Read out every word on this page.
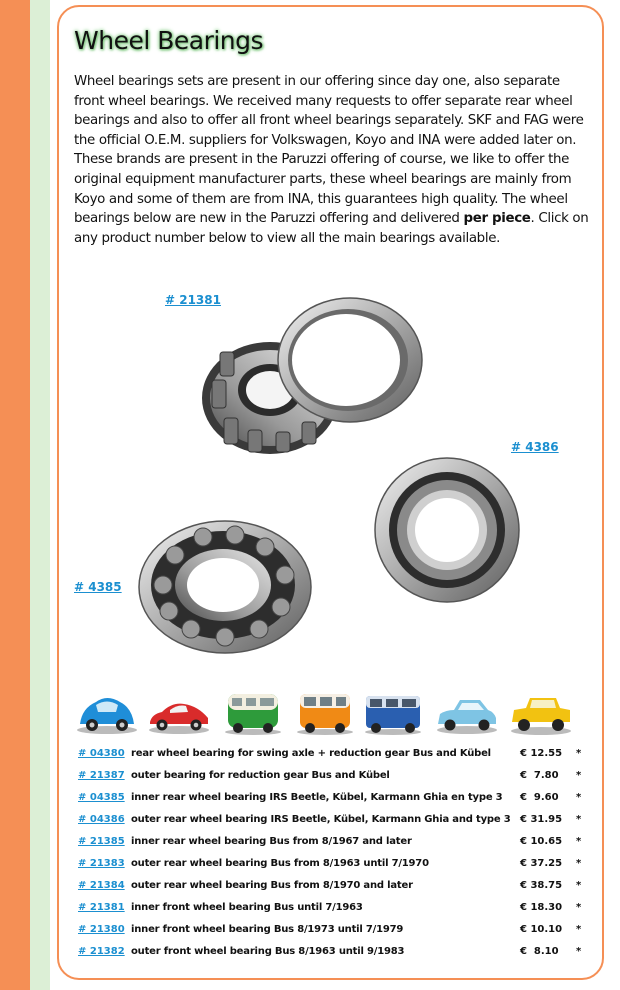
Wheel Bearings

Wheel bearings sets are present in our offering since day one, also separate front wheel bearings. We received many requests to offer separate rear wheel bearings and also to offer all front wheel bearings separately. SKF and FAG were the official O.E.M. suppliers for Volkswagen, Koyo and INA were added later on. These brands are present in the Paruzzi offering of course, we like to offer the original equipment manufacturer parts, these wheel bearings are mainly from Koyo and some of them are from INA, this guarantees high quality. The wheel bearings below are new in the Paruzzi offering and delivered per piece. Click on any product number below to view all the main bearings available.

# 21381
# 4386
# 4385
# 04380 rear wheel bearing for swing axle + reduction gear Bus and Kübel	€ 12.55 *
# 21387 outer bearing for reduction gear Bus and Kübel	€  7.80 *
# 04385 inner rear wheel bearing IRS Beetle, Kübel, Karmann Ghia en type 3 €  9.60 *
# 04386 outer rear wheel bearing IRS Beetle, Kübel, Karmann Ghia and type 3 € 31.95 *
# 21385 inner rear wheel bearing Bus from 8/1967 and later	€ 10.65 *
# 21383 outer rear wheel bearing Bus from 8/1963 until 7/1970	€ 37.25 *
# 21384 outer rear wheel bearing Bus from 8/1970 and later	€ 38.75 *
# 21381 inner front wheel bearing Bus until 7/1963	€ 18.30 *
# 21380 inner front wheel bearing Bus 8/1973 until 7/1979	€ 10.10 *
# 21382 outer front wheel bearing Bus 8/1963 until 9/1983	€  8.10 *
